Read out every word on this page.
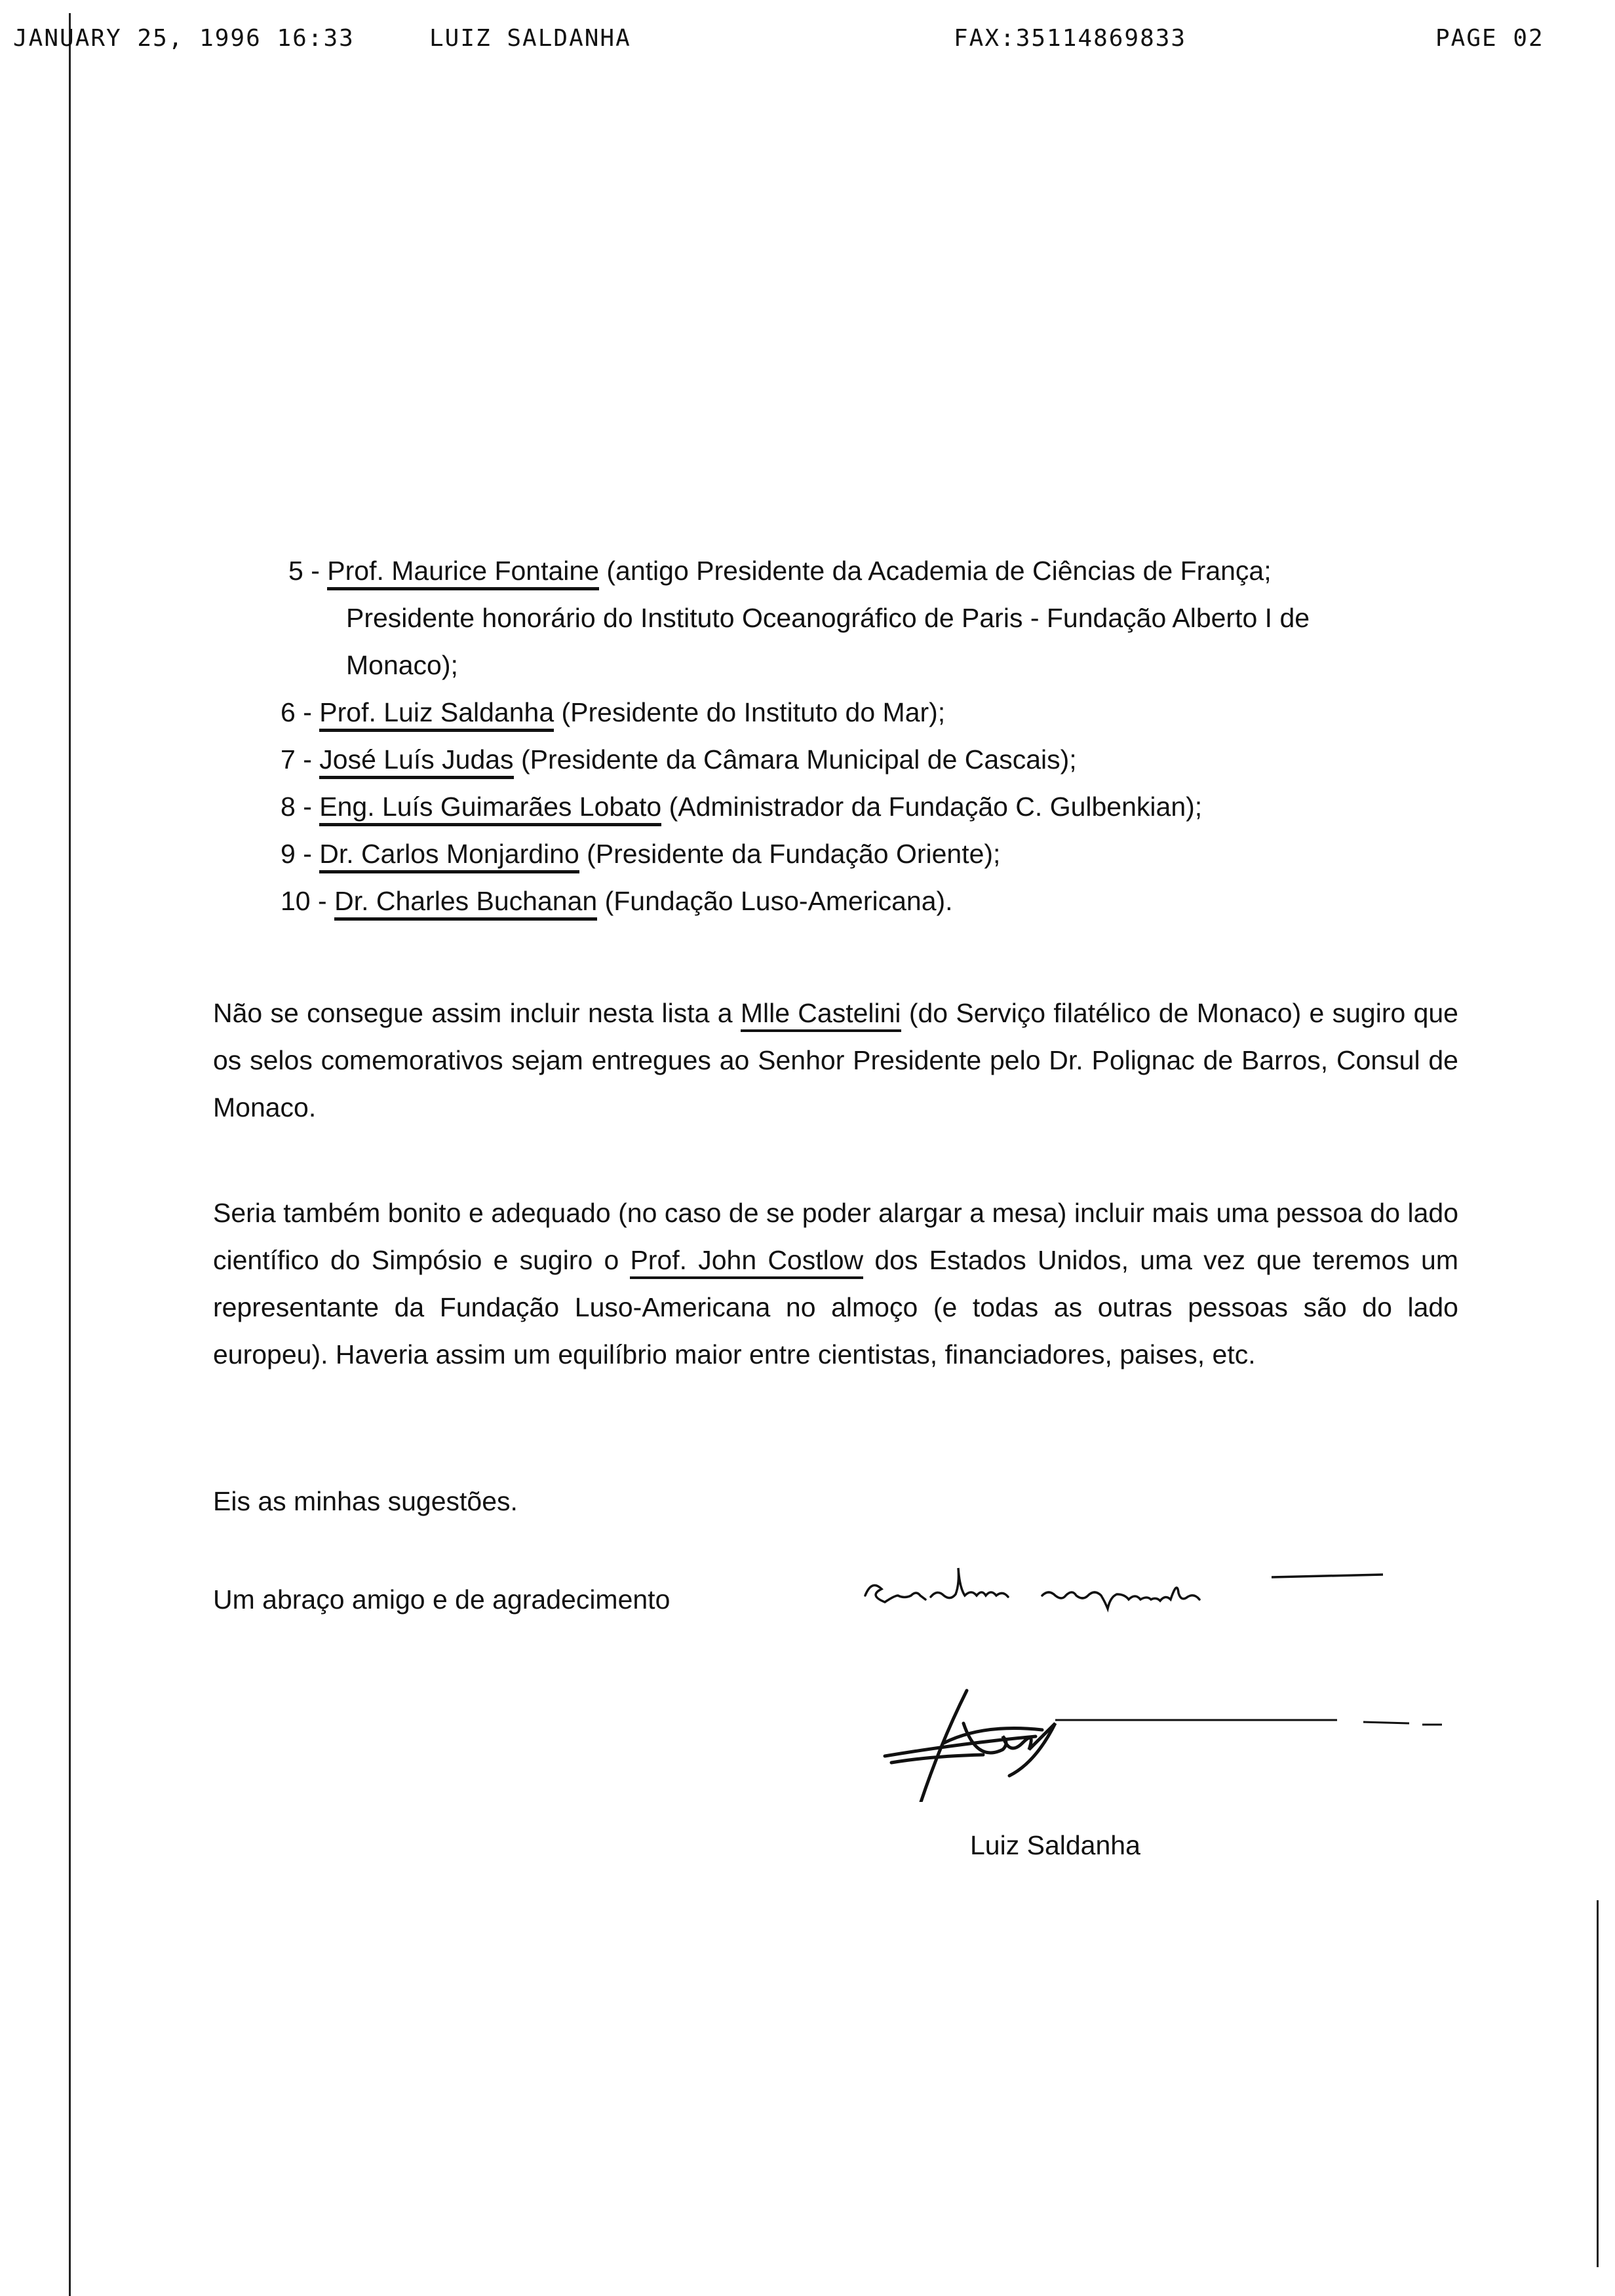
JANUARY 25, 1996 16:33	LUIZ SALDANHA	FAX:35114869833	PAGE 02
5 - Prof. Maurice Fontaine (antigo Presidente da Academia de Ciências de França;
Presidente honorário do Instituto Oceanográfico de Paris - Fundação Alberto I de
Monaco);
6 - Prof. Luiz Saldanha (Presidente do Instituto do Mar);
7 - José Luís Judas (Presidente da Câmara Municipal de Cascais);
8 - Eng. Luís Guimarães Lobato (Administrador da Fundação C. Gulbenkian);
9 - Dr. Carlos Monjardino (Presidente da Fundação Oriente);
10 - Dr. Charles Buchanan (Fundação Luso-Americana).

Não se consegue assim incluir nesta lista a Mlle Castelini (do Serviço filatélico de Monaco) e sugiro que os selos comemorativos sejam entregues ao Senhor Presidente pelo Dr. Polignac de Barros, Consul de Monaco.

Seria também bonito e adequado (no caso de se poder alargar a mesa) incluir mais uma pessoa do lado científico do Simpósio e sugiro o Prof. John Costlow dos Estados Unidos, uma vez que teremos um representante da Fundação Luso-Americana no almoço (e todas as outras pessoas são do lado europeu). Haveria assim um equilíbrio maior entre cientistas, financiadores, paises, etc.

Eis as minhas sugestões.

Um abraço amigo e de agradecimento
Luiz Saldanha
